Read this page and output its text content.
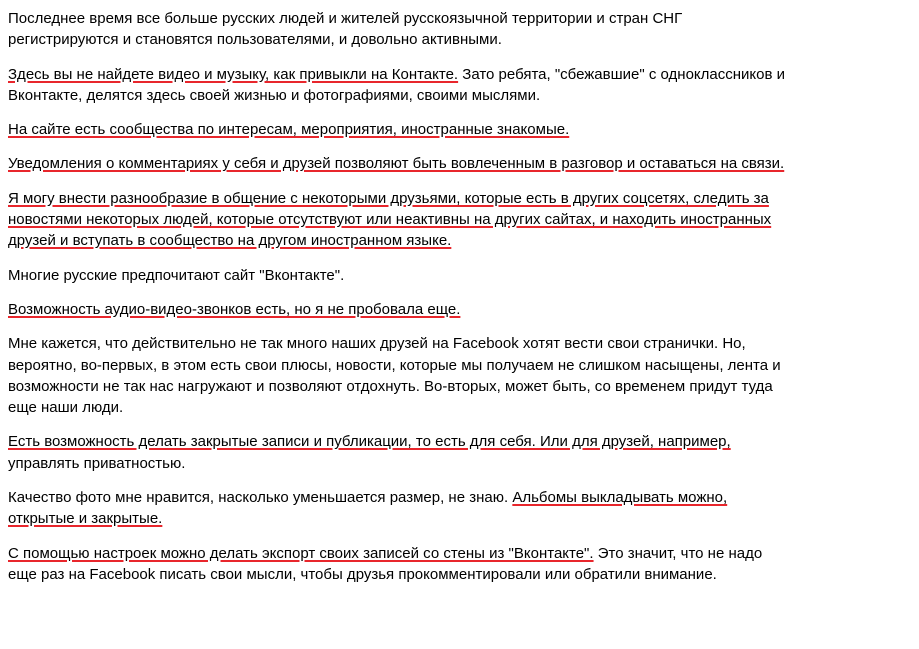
Последнее время все больше русских людей и жителей русскоязычной территории и стран СНГ
регистрируются и становятся пользователями, и довольно активными.

Здесь вы не найдете видео и музыку, как привыкли на Контакте. Зато ребята, "сбежавшие" с одноклассников и
Вконтакте, делятся здесь своей жизнью и фотографиями, своими мыслями.

На сайте есть сообщества по интересам, мероприятия, иностранные знакомые.

Уведомления о комментариях у себя и друзей позволяют быть вовлеченным в разговор и оставаться на связи.

Я могу внести разнообразие в общение с некоторыми друзьями, которые есть в других соцсетях, следить за
новостями некоторых людей, которые отсутствуют или неактивны на других сайтах, и находить иностранных
друзей и вступать в сообщество на другом иностранном языке.

Многие русские предпочитают сайт "Вконтакте".

Возможность аудио-видео-звонков есть, но я не пробовала еще.

Мне кажется, что действительно не так много наших друзей на Facebook хотят вести свои странички. Но,
вероятно, во-первых, в этом есть свои плюсы, новости, которые мы получаем не слишком насыщены, лента и
возможности не так нас нагружают и позволяют отдохнуть. Во-вторых, может быть, со временем придут туда
еще наши люди.

Есть возможность делать закрытые записи и публикации, то есть для себя. Или для друзей, например,
управлять приватностью.

Качество фото мне нравится, насколько уменьшается размер, не знаю. Альбомы выкладывать можно,
открытые и закрытые.

С помощью настроек можно делать экспорт своих записей со стены из "Вконтакте". Это значит, что не надо
еще раз на Facebook писать свои мысли, чтобы друзья прокомментировали или обратили внимание.
